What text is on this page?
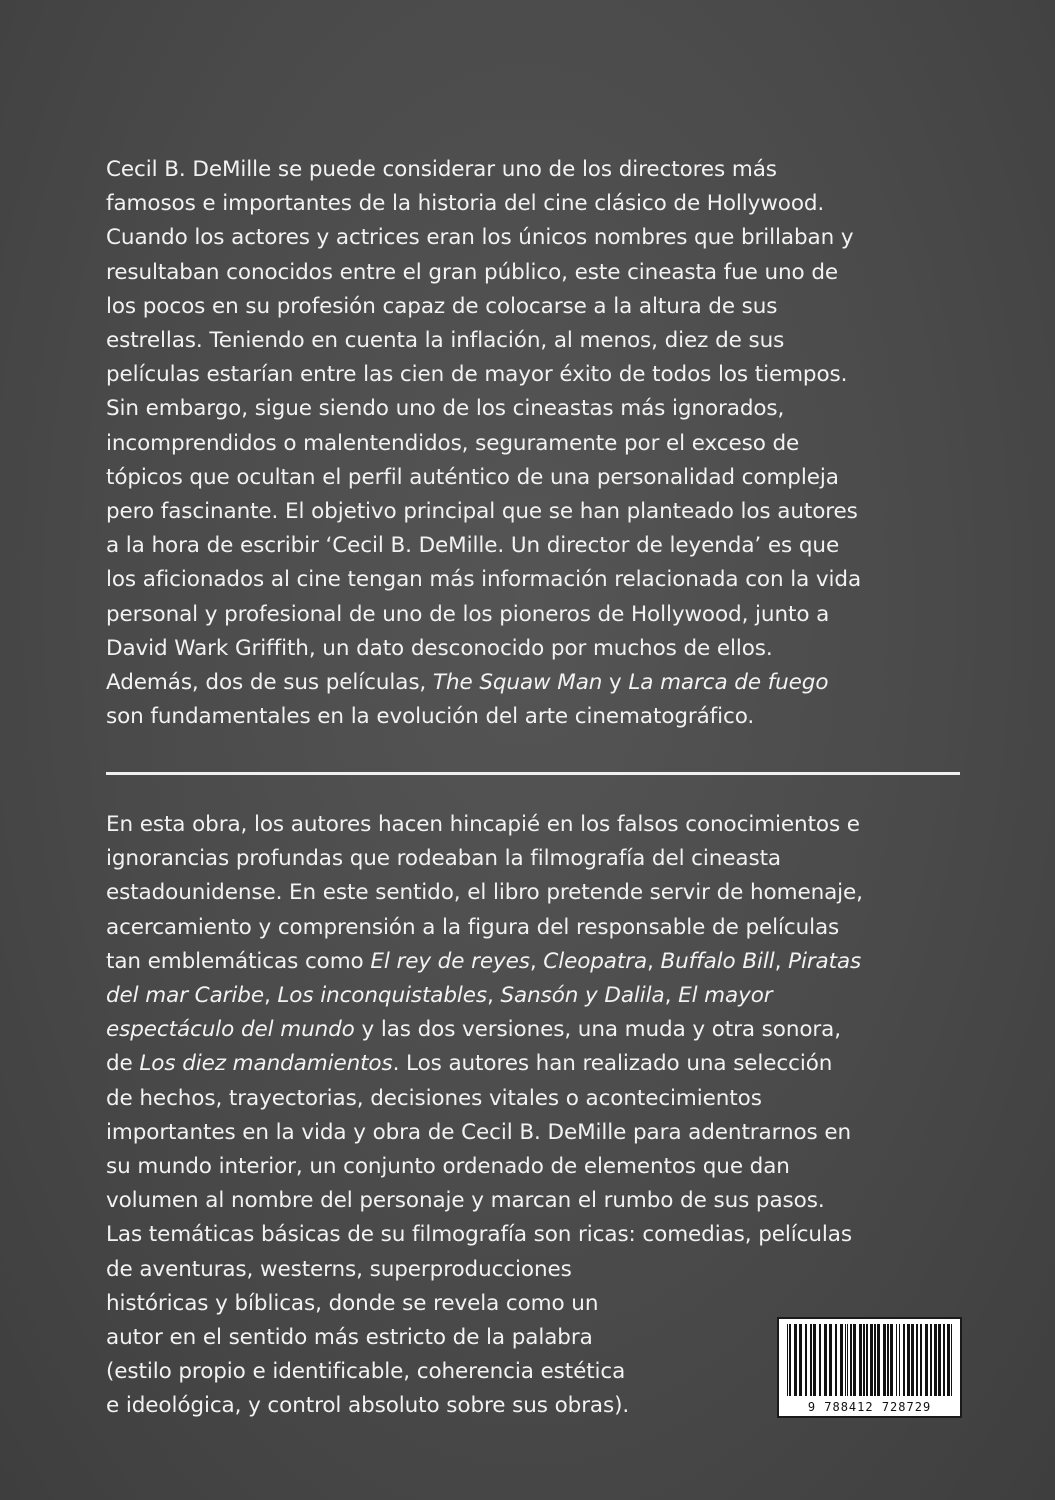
Cecil B. DeMille se puede considerar uno de los directores más
famosos e importantes de la historia del cine clásico de Hollywood.
Cuando los actores y actrices eran los únicos nombres que brillaban y
resultaban conocidos entre el gran público, este cineasta fue uno de
los pocos en su profesión capaz de colocarse a la altura de sus
estrellas. Teniendo en cuenta la inflación, al menos, diez de sus
películas estarían entre las cien de mayor éxito de todos los tiempos.
Sin embargo, sigue siendo uno de los cineastas más ignorados,
incomprendidos o malentendidos, seguramente por el exceso de
tópicos que ocultan el perfil auténtico de una personalidad compleja
pero fascinante. El objetivo principal que se han planteado los autores
a la hora de escribir ‘Cecil B. DeMille. Un director de leyenda’ es que
los aficionados al cine tengan más información relacionada con la vida
personal y profesional de uno de los pioneros de Hollywood, junto a
David Wark Griffith, un dato desconocido por muchos de ellos.
Además, dos de sus películas, The Squaw Man y La marca de fuego
son fundamentales en la evolución del arte cinematográfico.
En esta obra, los autores hacen hincapié en los falsos conocimientos e
ignorancias profundas que rodeaban la filmografía del cineasta
estadounidense. En este sentido, el libro pretende servir de homenaje,
acercamiento y comprensión a la figura del responsable de películas
tan emblemáticas como El rey de reyes, Cleopatra, Buffalo Bill, Piratas
del mar Caribe, Los inconquistables, Sansón y Dalila, El mayor
espectáculo del mundo y las dos versiones, una muda y otra sonora,
de Los diez mandamientos. Los autores han realizado una selección
de hechos, trayectorias, decisiones vitales o acontecimientos
importantes en la vida y obra de Cecil B. DeMille para adentrarnos en
su mundo interior, un conjunto ordenado de elementos que dan
volumen al nombre del personaje y marcan el rumbo de sus pasos.
Las temáticas básicas de su filmografía son ricas: comedias, películas
de aventuras, westerns, superproducciones
históricas y bíblicas, donde se revela como un
autor en el sentido más estricto de la palabra
(estilo propio e identificable, coherencia estética
e ideológica, y control absoluto sobre sus obras).	9 788412 728729
